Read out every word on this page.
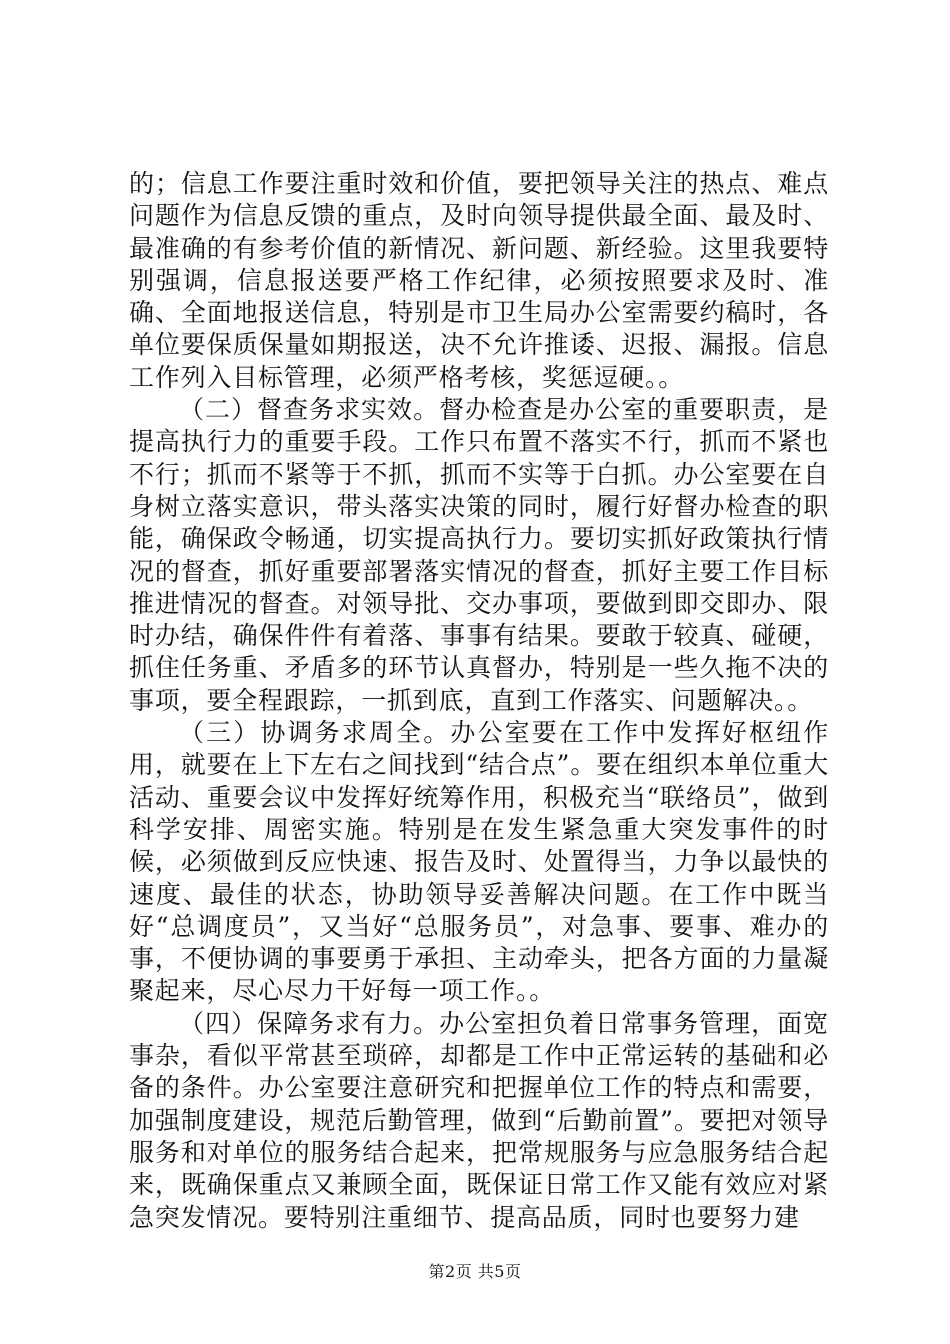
的；信息工作要注重时效和价值，要把领导关注的热点、难点问题作为信息反馈的重点，及时向领导提供最全面、最及时、最准确的有参考价值的新情况、新问题、新经验。这里我要特别强调，信息报送要严格工作纪律，必须按照要求及时、准确、全面地报送信息，特别是市卫生局办公室需要约稿时，各单位要保质保量如期报送，决不允许推诿、迟报、漏报。信息工作列入目标管理，必须严格考核，奖惩逗硬。。

（二）督查务求实效。督办检查是办公室的重要职责，是提高执行力的重要手段。工作只布置不落实不行，抓而不紧也不行；抓而不紧等于不抓，抓而不实等于白抓。办公室要在自身树立落实意识，带头落实决策的同时，履行好督办检查的职能，确保政令畅通，切实提高执行力。要切实抓好政策执行情况的督查，抓好重要部署落实情况的督查，抓好主要工作目标推进情况的督查。对领导批、交办事项，要做到即交即办、限时办结，确保件件有着落、事事有结果。要敢于较真、碰硬，抓住任务重、矛盾多的环节认真督办，特别是一些久拖不决的事项，要全程跟踪，一抓到底，直到工作落实、问题解决。。

（三）协调务求周全。办公室要在工作中发挥好枢纽作用，就要在上下左右之间找到“结合点”。要在组织本单位重大活动、重要会议中发挥好统筹作用，积极充当“联络员”，做到科学安排、周密实施。特别是在发生紧急重大突发事件的时候，必须做到反应快速、报告及时、处置得当，力争以最快的速度、最佳的状态，协助领导妥善解决问题。在工作中既当好“总调度员”，又当好“总服务员”，对急事、要事、难办的事，不便协调的事要勇于承担、主动牵头，把各方面的力量凝聚起来，尽心尽力干好每一项工作。。

（四）保障务求有力。办公室担负着日常事务管理，面宽事杂，看似平常甚至琐碎，却都是工作中正常运转的基础和必备的条件。办公室要注意研究和把握单位工作的特点和需要，加强制度建设，规范后勤管理，做到“后勤前置”。要把对领导服务和对单位的服务结合起来，把常规服务与应急服务结合起来，既确保重点又兼顾全面，既保证日常工作又能有效应对紧急突发情况。要特别注重细节、提高品质，同时也要努力建

第2页 共5页
